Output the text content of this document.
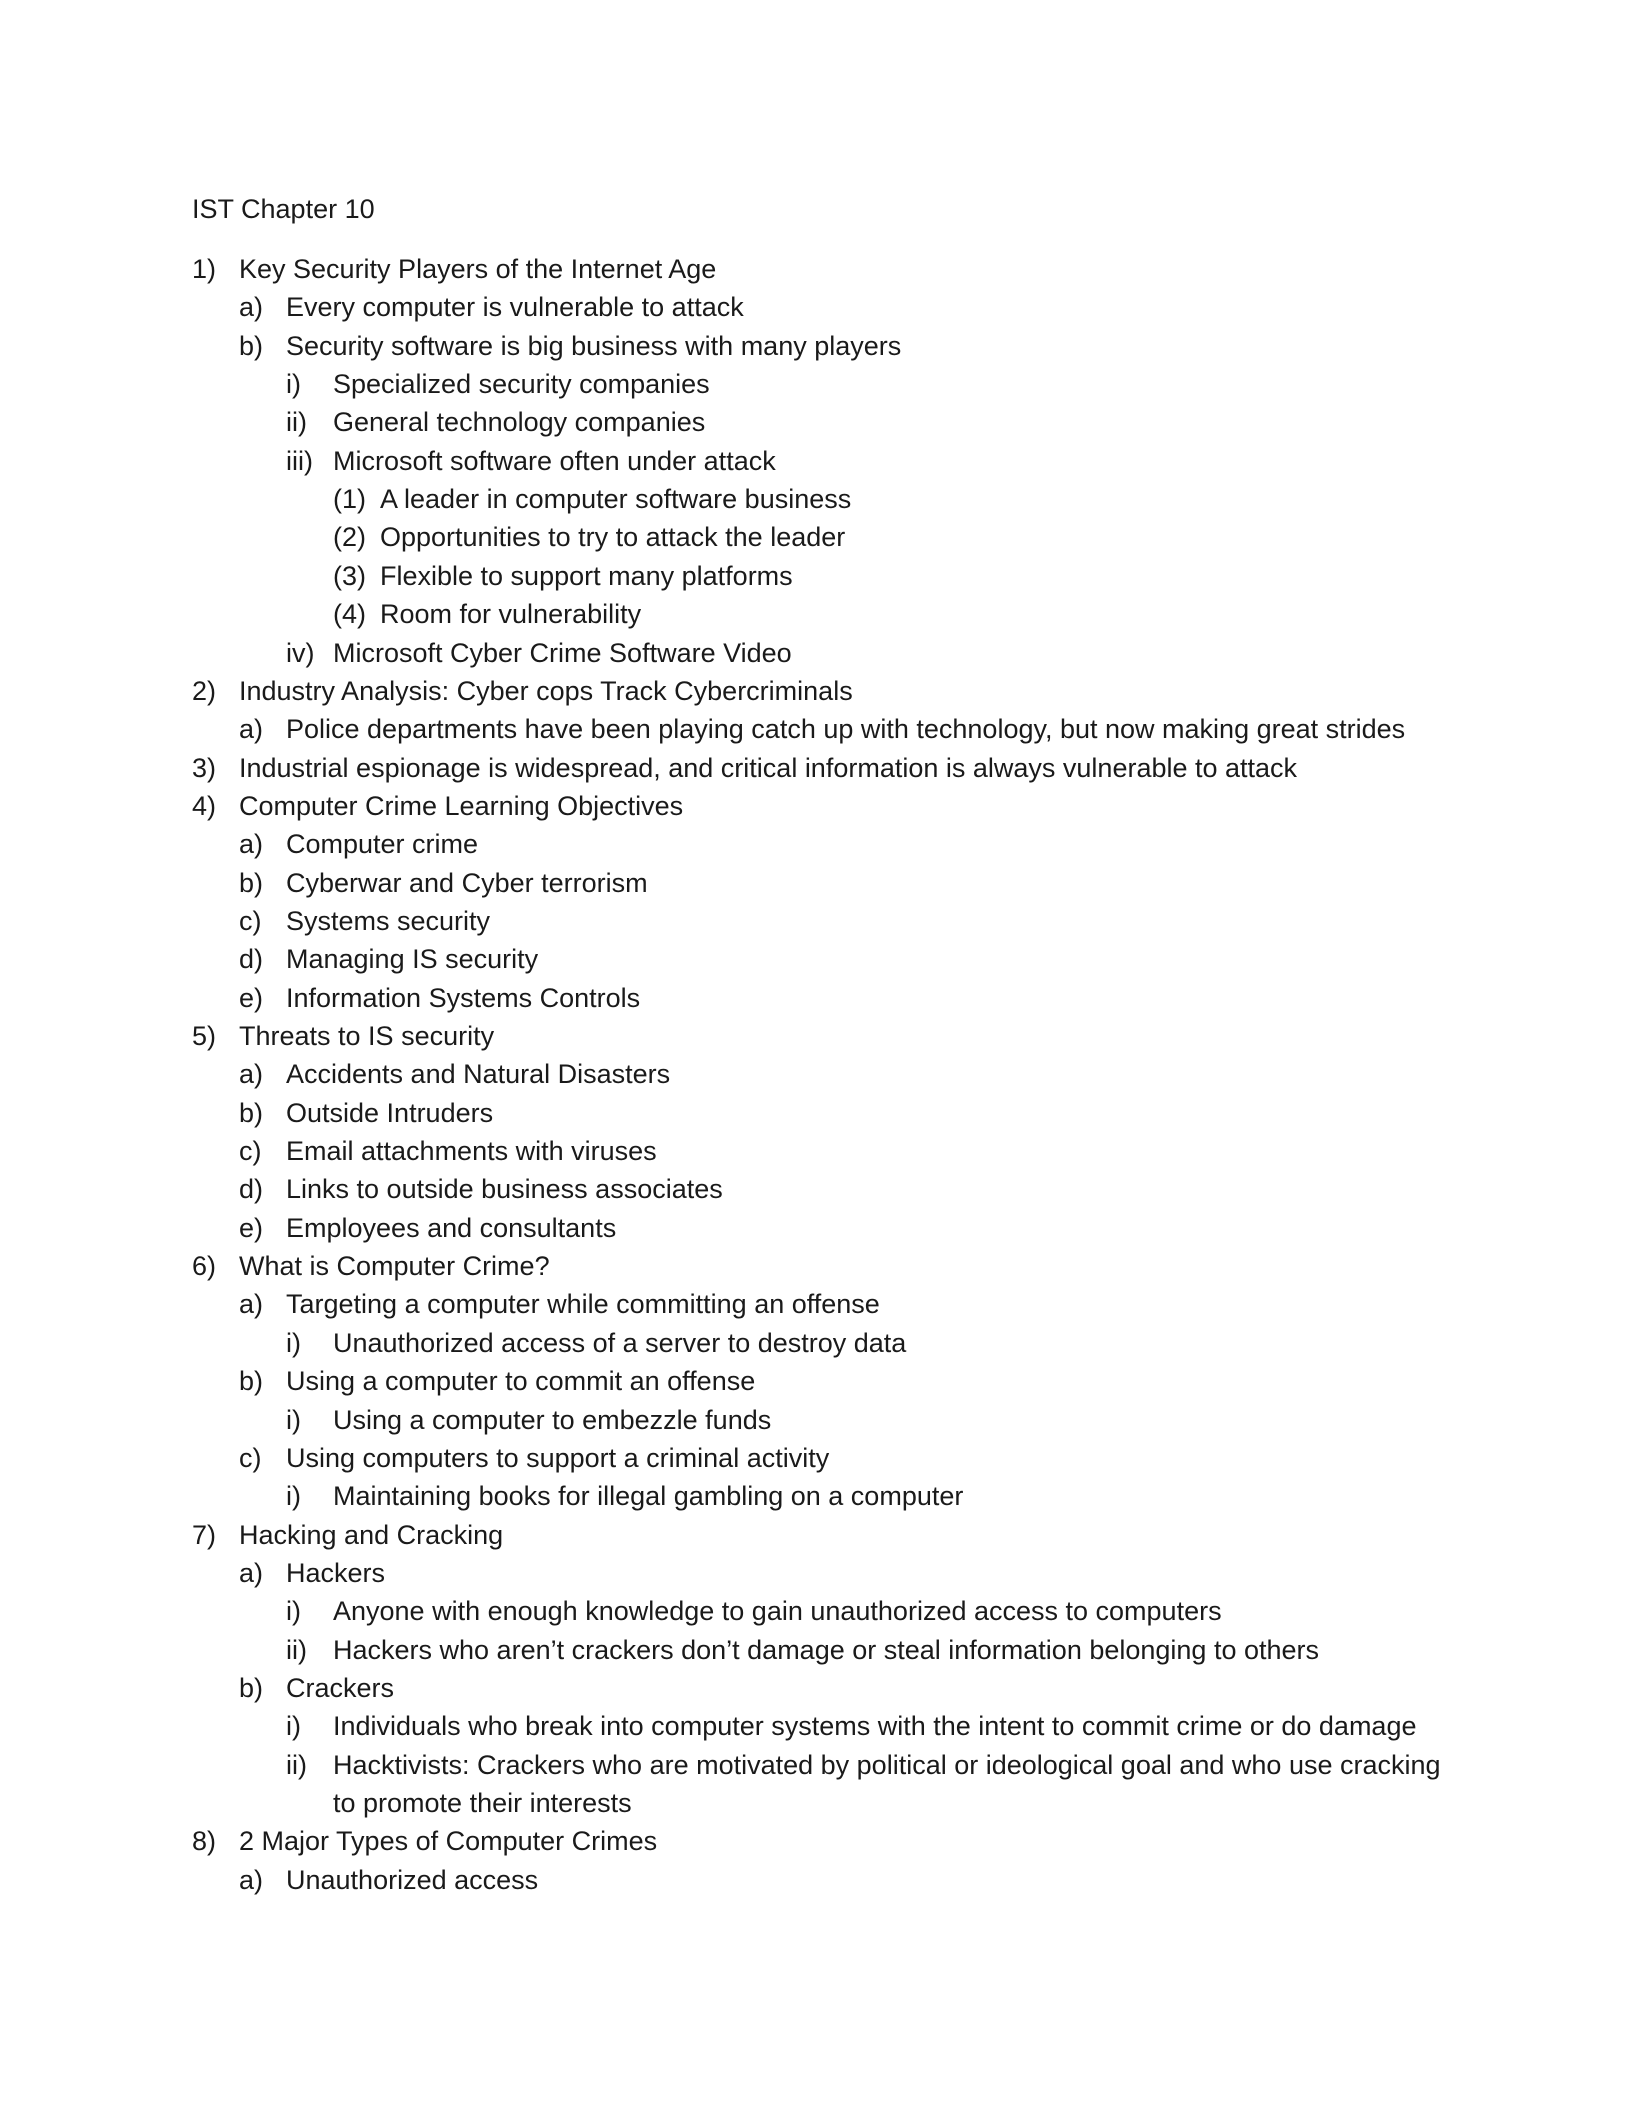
IST Chapter 10
1) Key Security Players of the Internet Age
a) Every computer is vulnerable to attack
b) Security software is big business with many players
i) Specialized security companies
ii) General technology companies
iii) Microsoft software often under attack
(1) A leader in computer software business
(2) Opportunities to try to attack the leader
(3) Flexible to support many platforms
(4) Room for vulnerability
iv) Microsoft Cyber Crime Software Video
2) Industry Analysis: Cyber cops Track Cybercriminals
a) Police departments have been playing catch up with technology, but now making great strides
3) Industrial espionage is widespread, and critical information is always vulnerable to attack
4) Computer Crime Learning Objectives
a) Computer crime
b) Cyberwar and Cyber terrorism
c) Systems security
d) Managing IS security
e) Information Systems Controls
5) Threats to IS security
a) Accidents and Natural Disasters
b) Outside Intruders
c) Email attachments with viruses
d) Links to outside business associates
e) Employees and consultants
6) What is Computer Crime?
a) Targeting a computer while committing an offense
i) Unauthorized access of a server to destroy data
b) Using a computer to commit an offense
i) Using a computer to embezzle funds
c) Using computers to support a criminal activity
i) Maintaining books for illegal gambling on a computer
7) Hacking and Cracking
a) Hackers
i) Anyone with enough knowledge to gain unauthorized access to computers
ii) Hackers who aren’t crackers don’t damage or steal information belonging to others
b) Crackers
i) Individuals who break into computer systems with the intent to commit crime or do damage
ii) Hacktivists: Crackers who are motivated by political or ideological goal and who use cracking
to promote their interests
8) 2 Major Types of Computer Crimes
a) Unauthorized access
